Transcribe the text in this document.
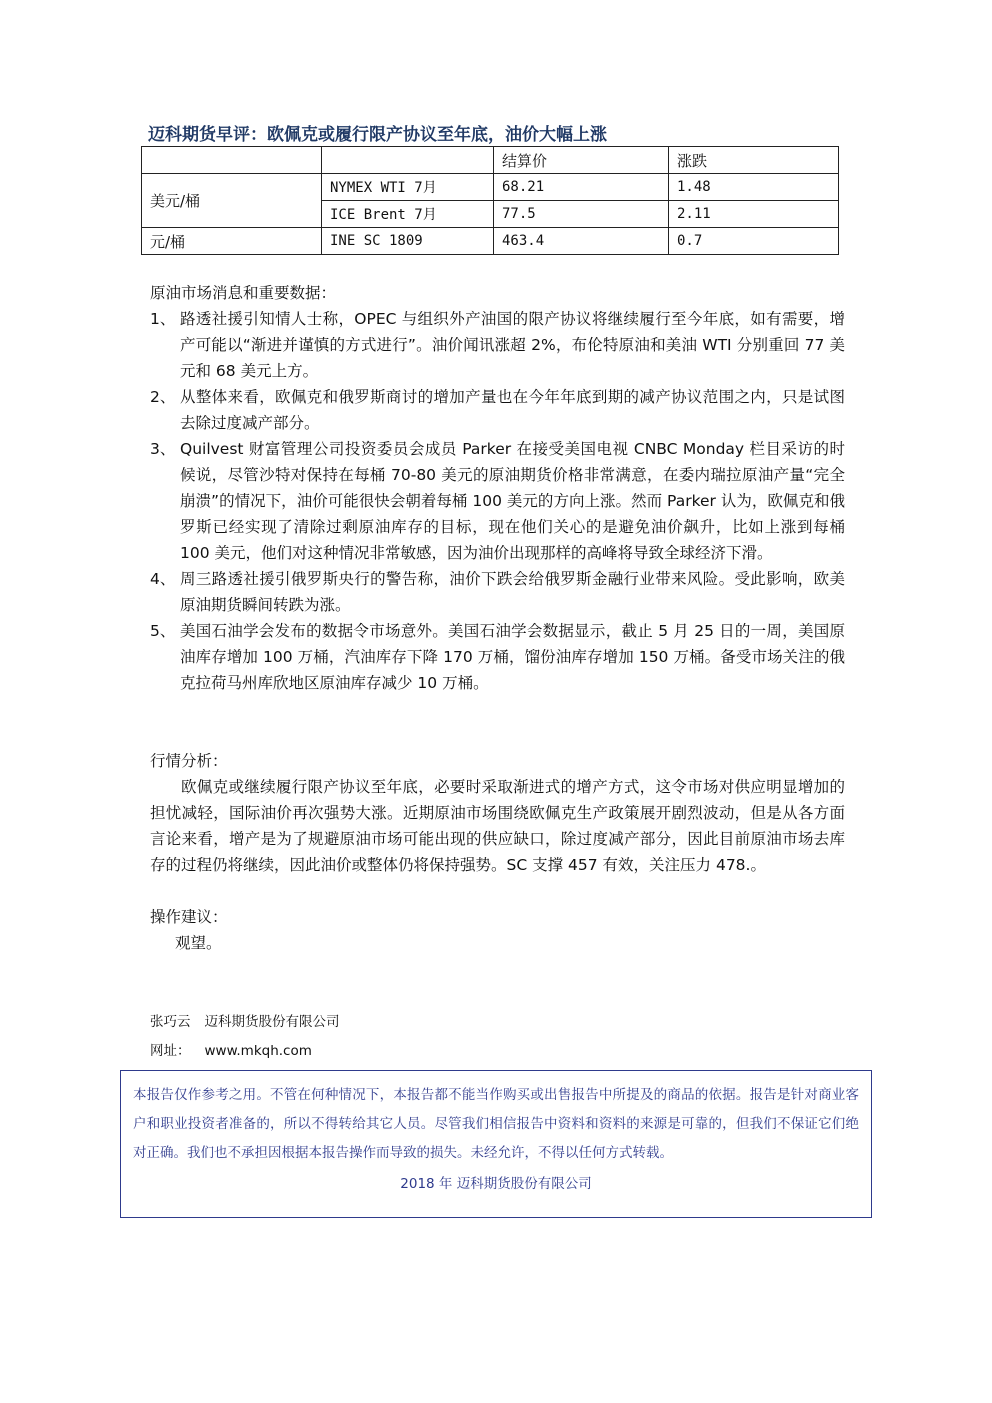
迈科期货早评：欧佩克或履行限产协议至年底，油价大幅上涨
		结算价	涨跌
美元/桶	NYMEX WTI 7月	68.21	1.48
	ICE Brent 7月	77.5	2.11
元/桶	INE SC 1809	463.4	0.7
原油市场消息和重要数据：
1、 路透社援引知情人士称，OPEC 与组织外产油国的限产协议将继续履行至今年底，如有需要，增产可能以“渐进并谨慎的方式进行”。油价闻讯涨超 2%，布伦特原油和美油 WTI 分别重回 77 美元和 68 美元上方。
2、 从整体来看，欧佩克和俄罗斯商讨的增加产量也在今年年底到期的减产协议范围之内，只是试图去除过度减产部分。
3、 Quilvest 财富管理公司投资委员会成员 Parker 在接受美国电视 CNBC Monday 栏目采访的时候说，尽管沙特对保持在每桶 70-80 美元的原油期货价格非常满意，在委内瑞拉原油产量“完全崩溃”的情况下，油价可能很快会朝着每桶 100 美元的方向上涨。然而 Parker 认为，欧佩克和俄罗斯已经实现了清除过剩原油库存的目标，现在他们关心的是避免油价飙升，比如上涨到每桶 100 美元，他们对这种情况非常敏感，因为油价出现那样的高峰将导致全球经济下滑。
4、 周三路透社援引俄罗斯央行的警告称，油价下跌会给俄罗斯金融行业带来风险。受此影响，欧美原油期货瞬间转跌为涨。
5、 美国石油学会发布的数据令市场意外。美国石油学会数据显示，截止 5 月 25 日的一周，美国原油库存增加 100 万桶，汽油库存下降 170 万桶，馏份油库存增加 150 万桶。备受市场关注的俄克拉荷马州库欣地区原油库存减少 10 万桶。
行情分析：
欧佩克或继续履行限产协议至年底，必要时采取渐进式的增产方式，这令市场对供应明显增加的担忧减轻，国际油价再次强势大涨。近期原油市场围绕欧佩克生产政策展开剧烈波动，但是从各方面言论来看，增产是为了规避原油市场可能出现的供应缺口，除过度减产部分，因此目前原油市场去库存的过程仍将继续，因此油价或整体仍将保持强势。SC 支撑 457 有效，关注压力 478.。
操作建议：
观望。
张巧云 迈科期货股份有限公司
网址： www.mkqh.com
本报告仅作参考之用。不管在何种情况下，本报告都不能当作购买或出售报告中所提及的商品的依据。报告是针对商业客户和职业投资者准备的，所以不得转给其它人员。尽管我们相信报告中资料和资料的来源是可靠的，但我们不保证它们绝对正确。我们也不承担因根据本报告操作而导致的损失。未经允许，不得以任何方式转载。
2018 年 迈科期货股份有限公司
